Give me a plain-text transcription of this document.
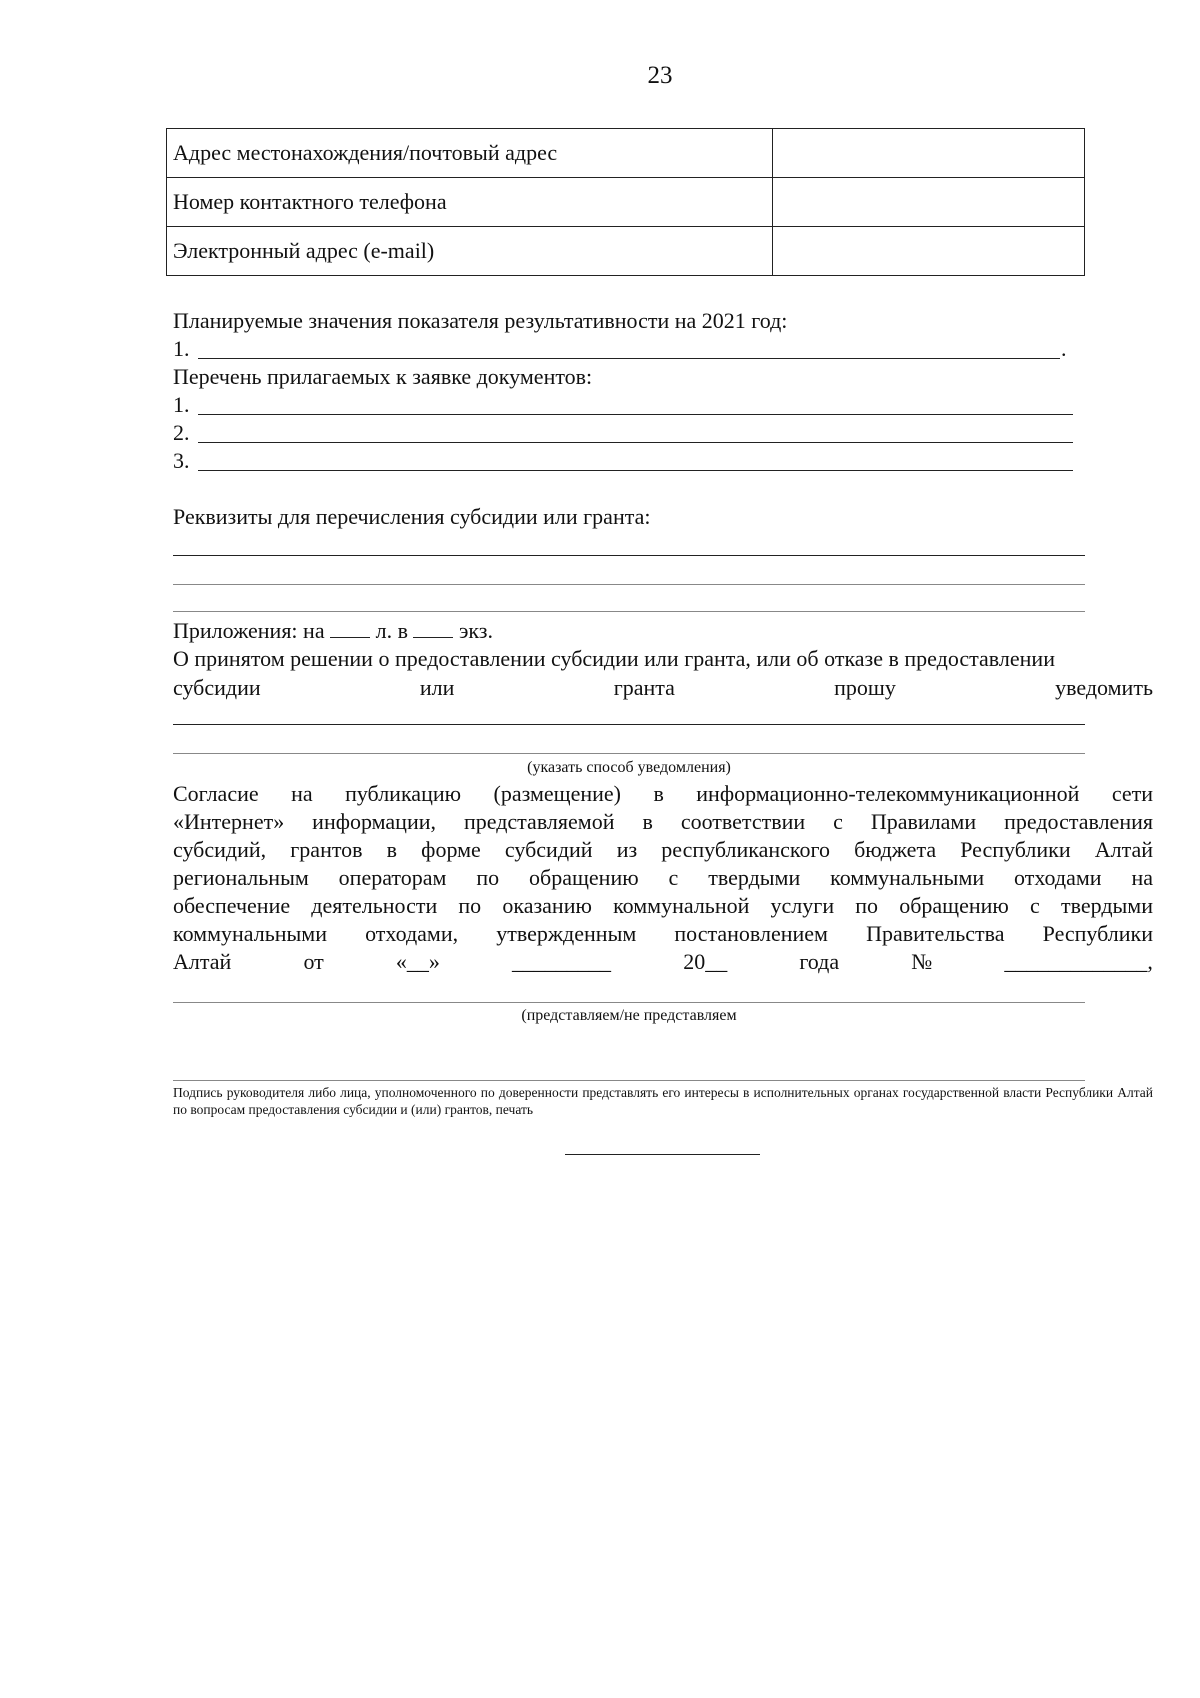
23
Адрес местонахождения/почтовый адрес	
Номер контактного телефона	
Электронный адрес (e-mail)	
Планируемые значения показателя результативности на 2021 год:
1.	.
Перечень прилагаемых к заявке документов:
1.
2.
3.
Реквизиты для перечисления субсидии или гранта:
Приложения: на л. в экз.
О принятом решении о предоставлении субсидии или гранта, или об отказе в предоставлении
субсидии	или	гранта	прошу	уведомить
(указать способ уведомления)
Согласие на публикацию (размещение) в информационно-телекоммуникационной сети
«Интернет» информации, представляемой в соответствии с Правилами предоставления
субсидий, грантов в форме субсидий из республиканского бюджета Республики Алтай
региональным операторам по обращению с твердыми коммунальными отходами на
обеспечение деятельности по оказанию коммунальной услуги по обращению с твердыми
коммунальными отходами, утвержденным постановлением Правительства Республики
Алтай	от	«__»	_________	20__	года	№	_____________,
(представляем/не представляем
Подпись руководителя либо лица, уполномоченного по доверенности представлять его интересы в исполнительных органах государственной власти Республики Алтай по вопросам предоставления субсидии и (или) грантов, печать
